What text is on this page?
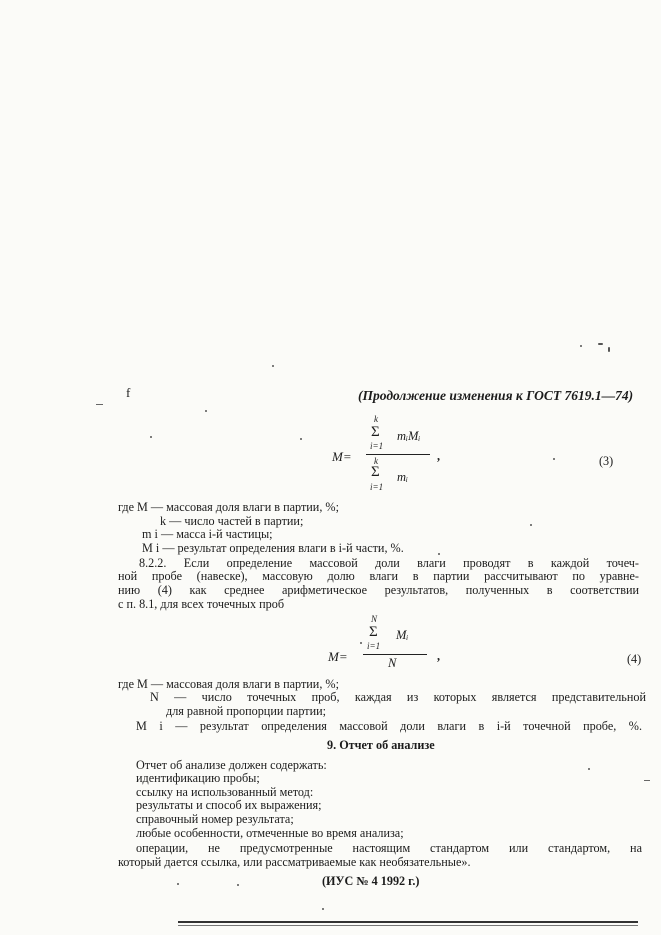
f	(Продолжение изменения к ГОСТ 7619.1—74)
M=
k
Σ
i=1
mᵢMᵢ
k
Σ
i=1
mᵢ
,	(3)
где M — массовая доля влаги в партии, %;
k — число частей в партии;
m i — масса i-й частицы;
M i — результат определения влаги в i-й части, %.
8.2.2. Если определение массовой доли влаги проводят в каждой точеч-
ной пробе (навеске), массовую долю влаги в партии рассчитывают по уравне-
нию (4) как среднее арифметическое результатов, полученных в соответствии
с п. 8.1, для всех точечных проб
M=
N
Σ
i=1
Mᵢ
N	,	(4)
где M — массовая доля влаги в партии, %;
N — число точечных проб, каждая из которых является представительной
для равной пропорции партии;
M i — результат определения массовой доли влаги в i-й точечной пробе, %.
9. Отчет об анализе
Отчет об анализе должен содержать:
идентификацию пробы;
ссылку на использованный метод:
результаты и способ их выражения;
справочный номер результата;
любые особенности, отмеченные во время анализа;
операции, не предусмотренные настоящим стандартом или стандартом, на
который дается ссылка, или рассматриваемые как необязательные».
(ИУС № 4 1992 г.)
